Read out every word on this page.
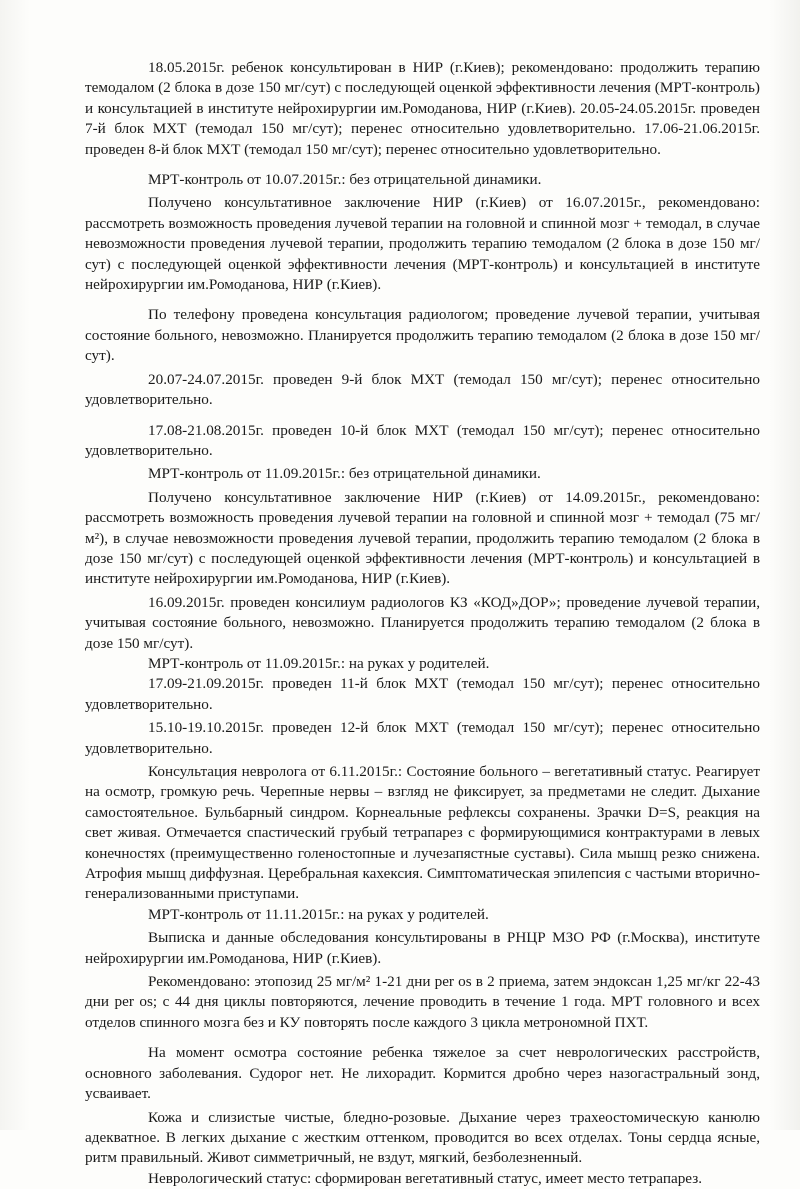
18.05.2015г. ребенок консультирован в НИР (г.Киев); рекомендовано: продолжить терапию темодалом (2 блока в дозе 150 мг/сут) с последующей оценкой эффективности лечения (МРТ-контроль) и консультацией в институте нейрохирургии им.Ромоданова, НИР (г.Киев). 20.05-24.05.2015г. проведен 7-й блок МХТ (темодал 150 мг/сут); перенес относительно удовлетворительно. 17.06-21.06.2015г. проведен 8-й блок МХТ (темодал 150 мг/сут); перенес относительно удовлетворительно.

МРТ-контроль от 10.07.2015г.: без отрицательной динамики.

Получено консультативное заключение НИР (г.Киев) от 16.07.2015г., рекомендовано: рассмотреть возможность проведения лучевой терапии на головной и спинной мозг + темодал, в случае невозможности проведения лучевой терапии, продолжить терапию темодалом (2 блока в дозе 150 мг/сут) с последующей оценкой эффективности лечения (МРТ-контроль) и консультацией в институте нейрохирургии им.Ромоданова, НИР (г.Киев).

По телефону проведена консультация радиологом; проведение лучевой терапии, учитывая состояние больного, невозможно. Планируется продолжить терапию темодалом (2 блока в дозе 150 мг/сут).

20.07-24.07.2015г. проведен 9-й блок МХТ (темодал 150 мг/сут); перенес относительно удовлетворительно.

17.08-21.08.2015г. проведен 10-й блок МХТ (темодал 150 мг/сут); перенес относительно удовлетворительно.

МРТ-контроль от 11.09.2015г.: без отрицательной динамики.

Получено консультативное заключение НИР (г.Киев) от 14.09.2015г., рекомендовано: рассмотреть возможность проведения лучевой терапии на головной и спинной мозг + темодал (75 мг/м²), в случае невозможности проведения лучевой терапии, продолжить терапию темодалом (2 блока в дозе 150 мг/сут) с последующей оценкой эффективности лечения (МРТ-контроль) и консультацией в институте нейрохирургии им.Ромоданова, НИР (г.Киев).

16.09.2015г. проведен консилиум радиологов КЗ «КОД»ДОР»; проведение лучевой терапии, учитывая состояние больного, невозможно. Планируется продолжить терапию темодалом (2 блока в дозе 150 мг/сут).

МРТ-контроль от 11.09.2015г.: на руках у родителей.

17.09-21.09.2015г. проведен 11-й блок МХТ (темодал 150 мг/сут); перенес относительно удовлетворительно.

15.10-19.10.2015г. проведен 12-й блок МХТ (темодал 150 мг/сут); перенес относительно удовлетворительно.

Консультация невролога от 6.11.2015г.: Состояние больного – вегетативный статус. Реагирует на осмотр, громкую речь. Черепные нервы – взгляд не фиксирует, за предметами не следит. Дыхание самостоятельное. Бульбарный синдром. Корнеальные рефлексы сохранены. Зрачки D=S, реакция на свет живая. Отмечается спастический грубый тетрапарез с формирующимися контрактурами в левых конечностях (преимущественно голеностопные и лучезапястные суставы). Сила мышц резко снижена. Атрофия мышц диффузная. Церебральная кахексия. Симптоматическая эпилепсия с частыми вторично-генерализованными приступами.

МРТ-контроль от 11.11.2015г.: на руках у родителей.

Выписка и данные обследования консультированы в РНЦР МЗО РФ (г.Москва), институте нейрохирургии им.Ромоданова, НИР (г.Киев).

Рекомендовано: этопозид 25 мг/м² 1-21 дни per os в 2 приема, затем эндоксан 1,25 мг/кг 22-43 дни per os; с 44 дня циклы повторяются, лечение проводить в течение 1 года. МРТ головного и всех отделов спинного мозга без и КУ повторять после каждого 3 цикла метрономной ПХТ.

На момент осмотра состояние ребенка тяжелое за счет неврологических расстройств, основного заболевания. Судорог нет. Не лихорадит. Кормится дробно через назогастральный зонд, усваивает.

Кожа и слизистые чистые, бледно-розовые. Дыхание через трахеостомическую канюлю адекватное. В легких дыхание с жестким оттенком, проводится во всех отделах. Тоны сердца ясные, ритм правильный. Живот симметричный, не вздут, мягкий, безболезненный.

Неврологический статус: сформирован вегетативный статус, имеет место тетрапарез.
